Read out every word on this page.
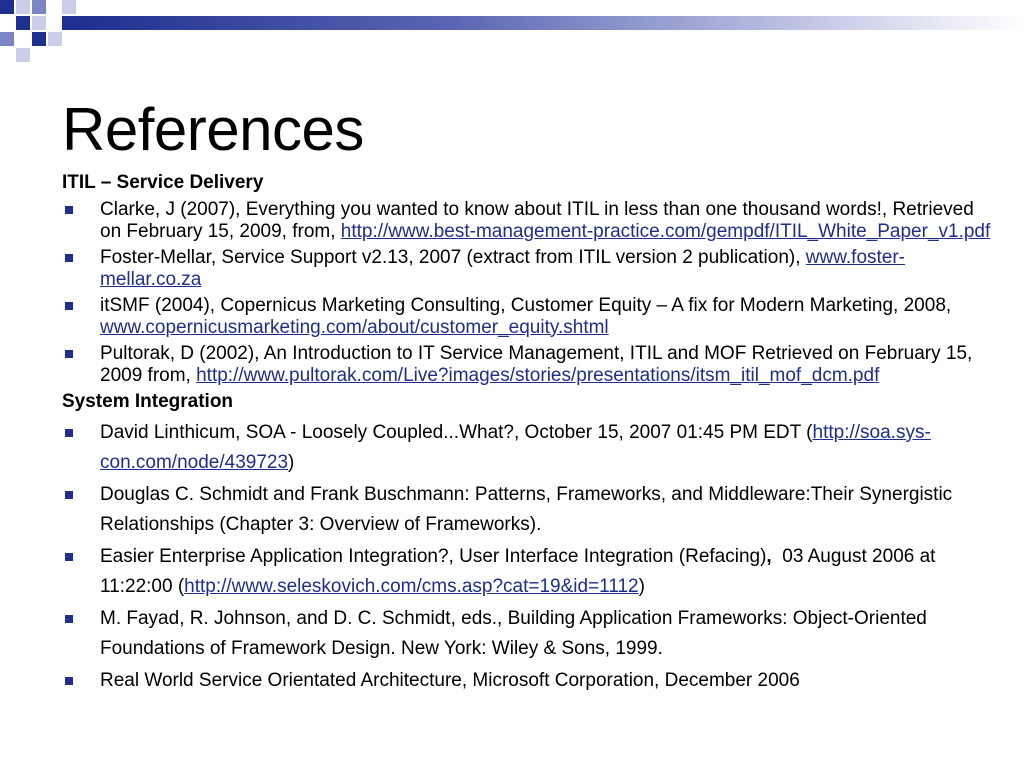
References

ITIL – Service Delivery

Clarke, J (2007), Everything you wanted to know about ITIL in less than one thousand words!, Retrieved on February 15, 2009, from, http://www.best-management-practice.com/gempdf/ITIL_White_Paper_v1.pdf
Foster-Mellar, Service Support v2.13, 2007 (extract from ITIL version 2 publication), www.foster-mellar.co.za
itSMF (2004), Copernicus Marketing Consulting, Customer Equity – A fix for Modern Marketing, 2008, www.copernicusmarketing.com/about/customer_equity.shtml
Pultorak, D (2002), An Introduction to IT Service Management, ITIL and MOF Retrieved on February 15, 2009 from, http://www.pultorak.com/Live?images/stories/presentations/itsm_itil_mof_dcm.pdf

System Integration

David Linthicum, SOA - Loosely Coupled...What?, October 15, 2007 01:45 PM EDT (http://soa.sys-con.com/node/439723)
Douglas C. Schmidt and Frank Buschmann: Patterns, Frameworks, and Middleware:Their Synergistic Relationships (Chapter 3: Overview of Frameworks).
Easier Enterprise Application Integration?, User Interface Integration (Refacing),  03 August 2006 at 11:22:00 (http://www.seleskovich.com/cms.asp?cat=19&id=1112)
M. Fayad, R. Johnson, and D. C. Schmidt, eds., Building Application Frameworks: Object-Oriented Foundations of Framework Design. New York: Wiley & Sons, 1999.
Real World Service Orientated Architecture, Microsoft Corporation, December 2006
